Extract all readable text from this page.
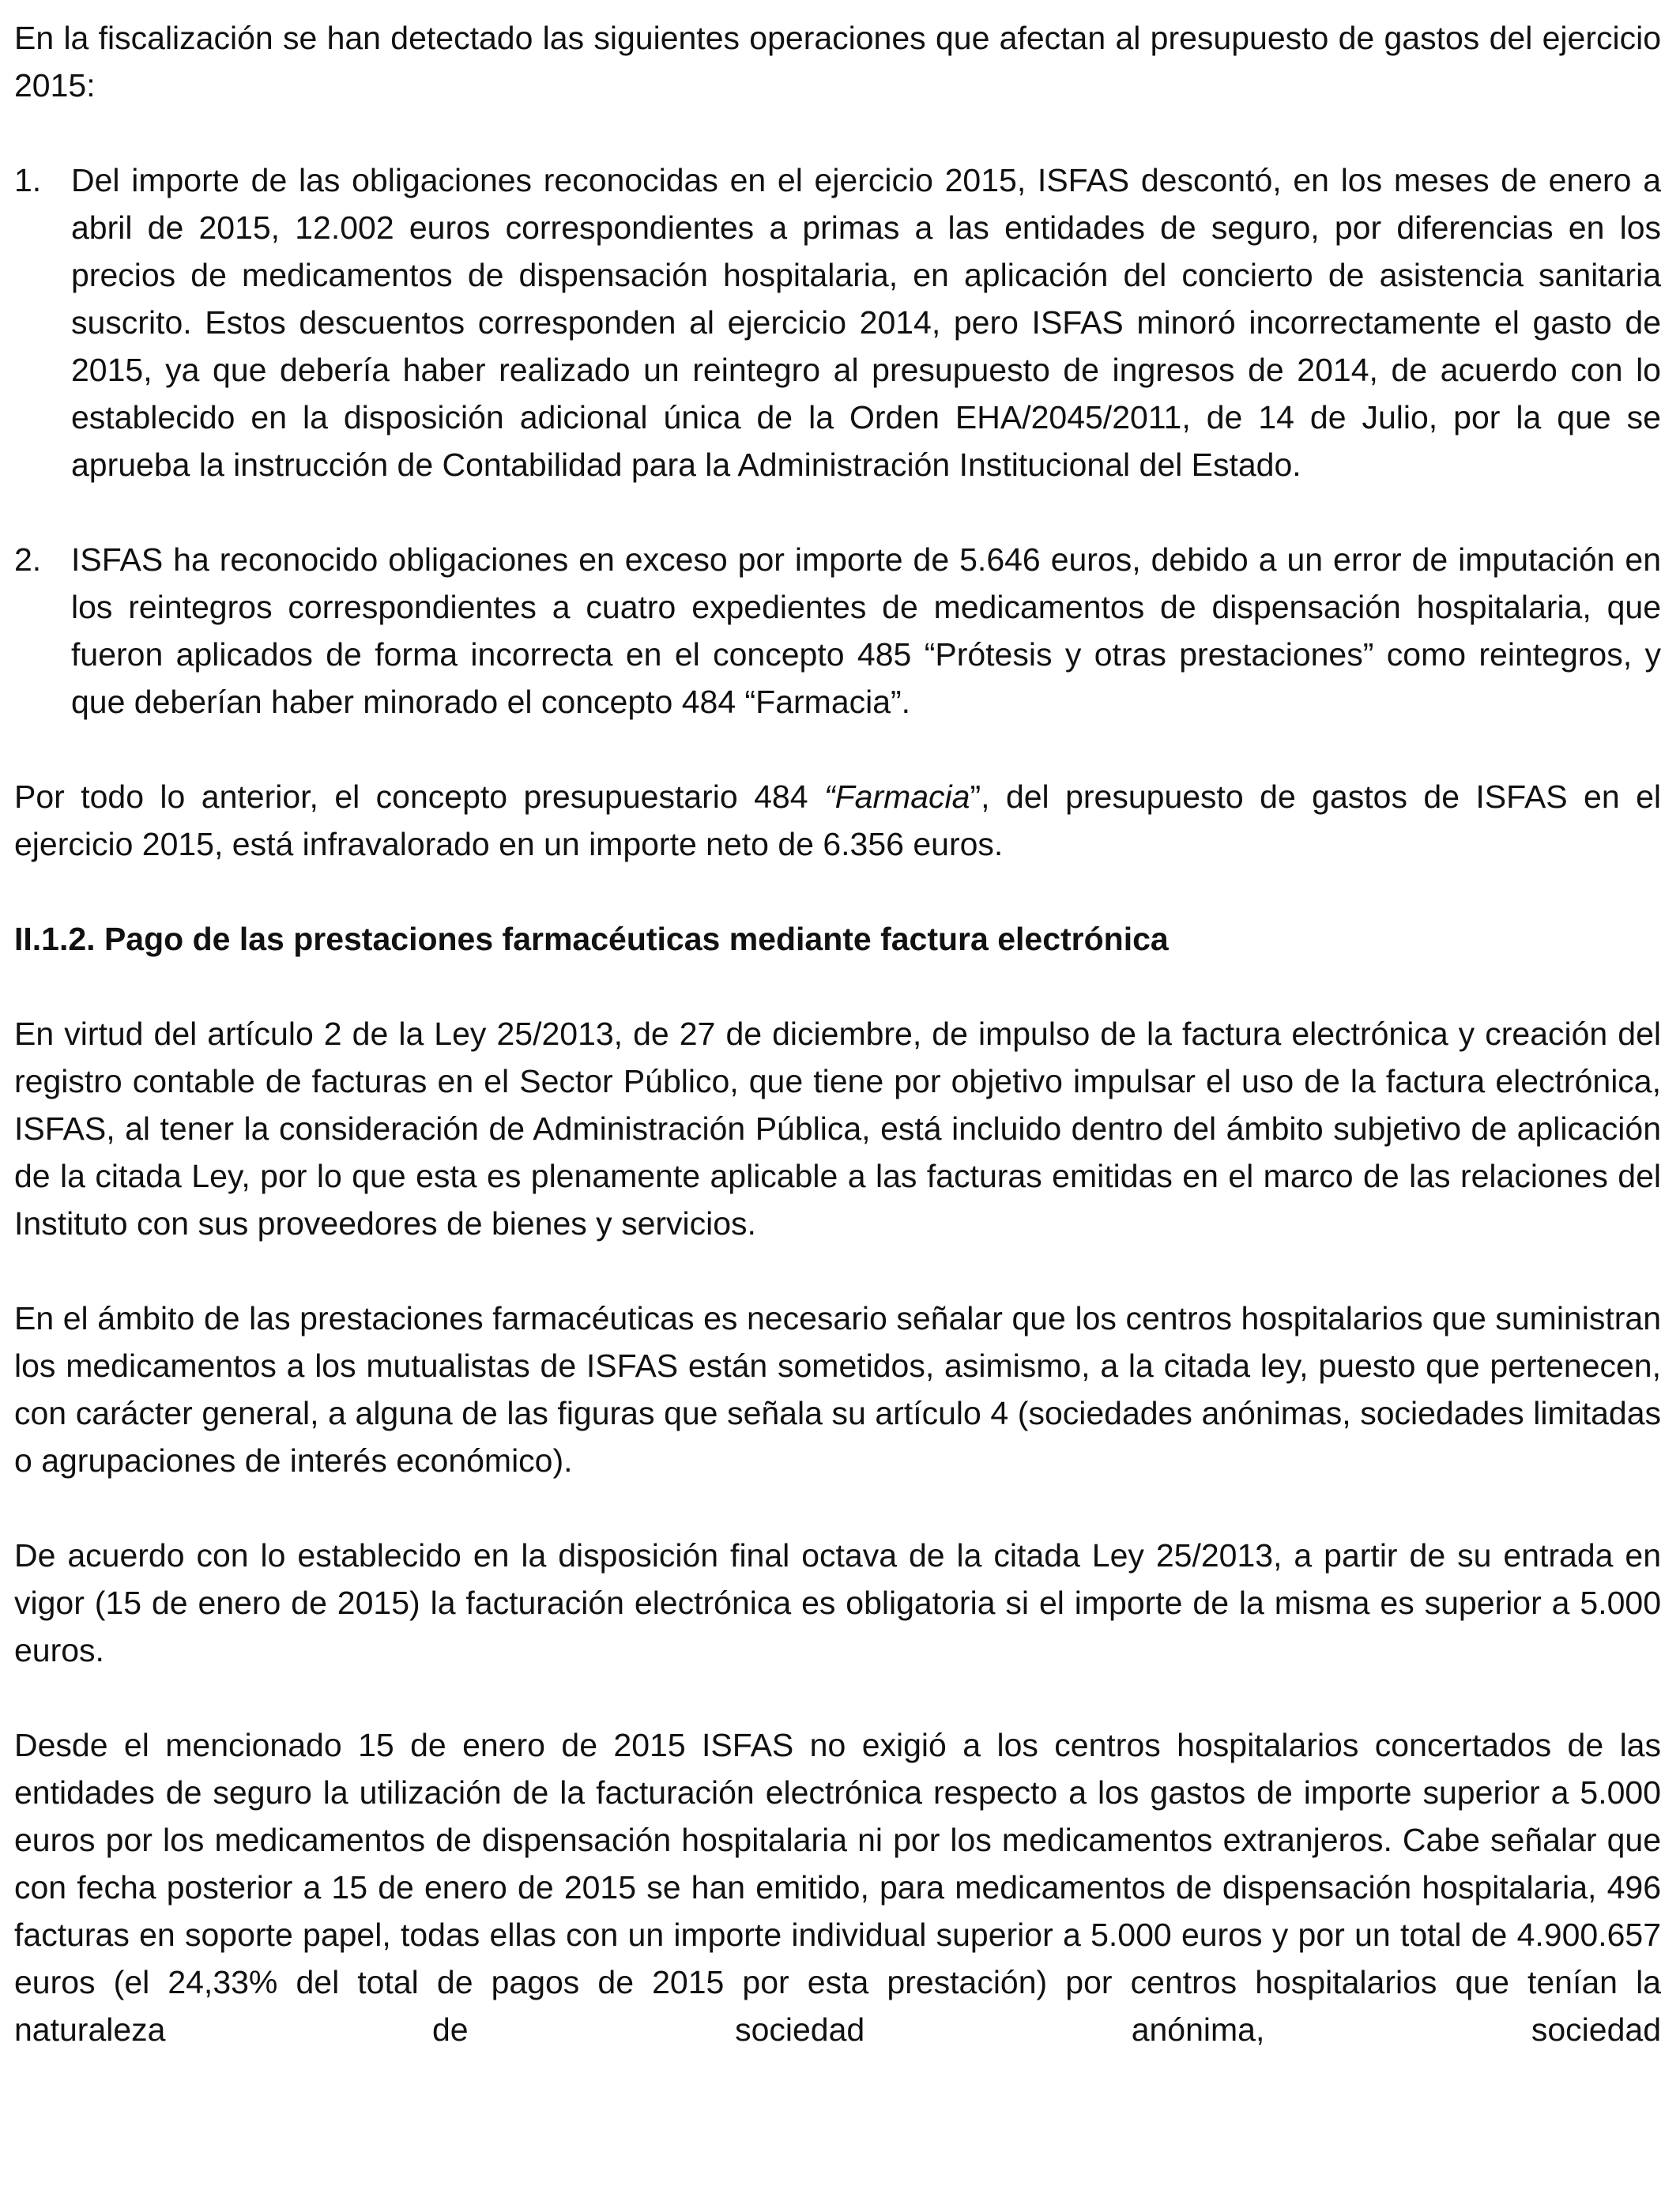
En la fiscalización se han detectado las siguientes operaciones que afectan al presupuesto de gastos del ejercicio 2015:

1. Del importe de las obligaciones reconocidas en el ejercicio 2015, ISFAS descontó, en los meses de enero a abril de 2015, 12.002 euros correspondientes a primas a las entidades de seguro, por diferencias en los precios de medicamentos de dispensación hospitalaria, en aplicación del concierto de asistencia sanitaria suscrito. Estos descuentos corresponden al ejercicio 2014, pero ISFAS minoró incorrectamente el gasto de 2015, ya que debería haber realizado un reintegro al presupuesto de ingresos de 2014, de acuerdo con lo establecido en la disposición adicional única de la Orden EHA/2045/2011, de 14 de Julio, por la que se aprueba la instrucción de Contabilidad para la Administración Institucional del Estado.

2. ISFAS ha reconocido obligaciones en exceso por importe de 5.646 euros, debido a un error de imputación en los reintegros correspondientes a cuatro expedientes de medicamentos de dispensación hospitalaria, que fueron aplicados de forma incorrecta en el concepto 485 “Prótesis y otras prestaciones” como reintegros, y que deberían haber minorado el concepto 484 “Farmacia”.

Por todo lo anterior, el concepto presupuestario 484 “Farmacia”, del presupuesto de gastos de ISFAS en el ejercicio 2015, está infravalorado en un importe neto de 6.356 euros.

II.1.2. Pago de las prestaciones farmacéuticas mediante factura electrónica

En virtud del artículo 2 de la Ley 25/2013, de 27 de diciembre, de impulso de la factura electrónica y creación del registro contable de facturas en el Sector Público, que tiene por objetivo impulsar el uso de la factura electrónica, ISFAS, al tener la consideración de Administración Pública, está incluido dentro del ámbito subjetivo de aplicación de la citada Ley, por lo que esta es plenamente aplicable a las facturas emitidas en el marco de las relaciones del Instituto con sus proveedores de bienes y servicios.

En el ámbito de las prestaciones farmacéuticas es necesario señalar que los centros hospitalarios que suministran los medicamentos a los mutualistas de ISFAS están sometidos, asimismo, a la citada ley, puesto que pertenecen, con carácter general, a alguna de las figuras que señala su artículo 4 (sociedades anónimas, sociedades limitadas o agrupaciones de interés económico).

De acuerdo con lo establecido en la disposición final octava de la citada Ley 25/2013, a partir de su entrada en vigor (15 de enero de 2015) la facturación electrónica es obligatoria si el importe de la misma es superior a 5.000 euros.

Desde el mencionado 15 de enero de 2015 ISFAS no exigió a los centros hospitalarios concertados de las entidades de seguro la utilización de la facturación electrónica respecto a los gastos de importe superior a 5.000 euros por los medicamentos de dispensación hospitalaria ni por los medicamentos extranjeros. Cabe señalar que con fecha posterior a 15 de enero de 2015 se han emitido, para medicamentos de dispensación hospitalaria, 496 facturas en soporte papel, todas ellas con un importe individual superior a 5.000 euros y por un total de 4.900.657 euros (el 24,33% del total de pagos de 2015 por esta prestación) por centros hospitalarios que tenían la naturaleza de sociedad anónima, sociedad
